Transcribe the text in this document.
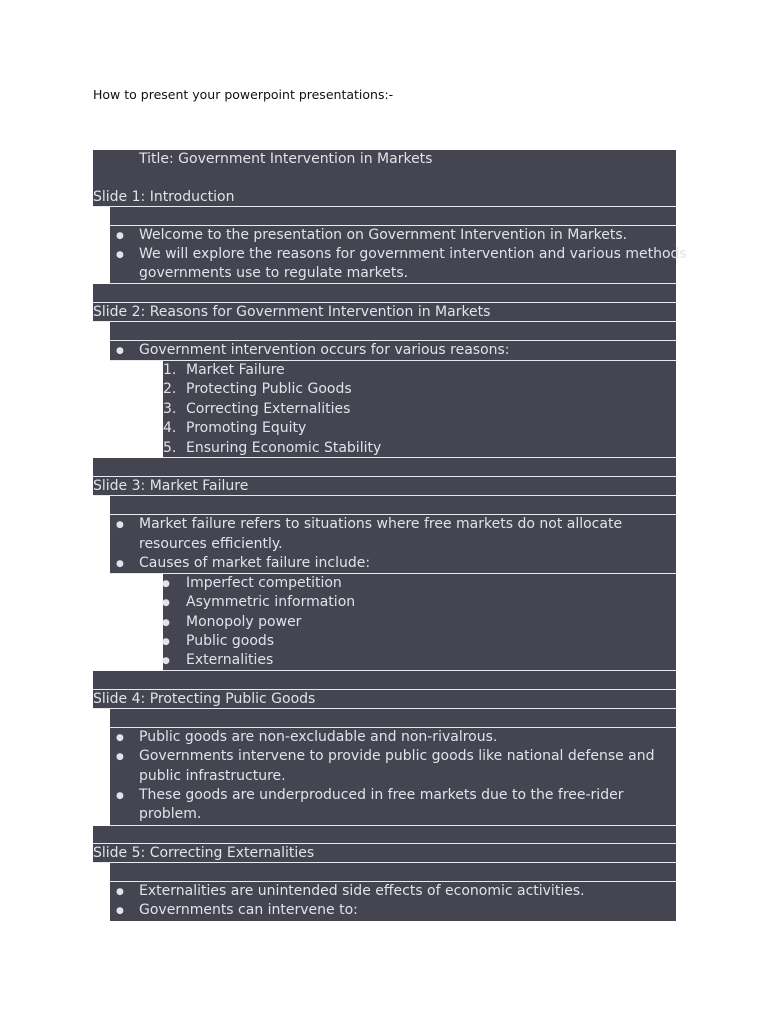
How to present your powerpoint presentations:-
Title: Government Intervention in Markets
Slide 1: Introduction
● Welcome to the presentation on Government Intervention in Markets.
● We will explore the reasons for government intervention and various methods
governments use to regulate markets.
Slide 2: Reasons for Government Intervention in Markets
● Government intervention occurs for various reasons:
1. Market Failure
2. Protecting Public Goods
3. Correcting Externalities
4. Promoting Equity
5. Ensuring Economic Stability
Slide 3: Market Failure
● Market failure refers to situations where free markets do not allocate
resources efficiently.
● Causes of market failure include:
● Imperfect competition
● Asymmetric information
● Monopoly power
● Public goods
● Externalities
Slide 4: Protecting Public Goods
● Public goods are non-excludable and non-rivalrous.
● Governments intervene to provide public goods like national defense and
public infrastructure.
● These goods are underproduced in free markets due to the free-rider
problem.
Slide 5: Correcting Externalities
● Externalities are unintended side effects of economic activities.
● Governments can intervene to:
